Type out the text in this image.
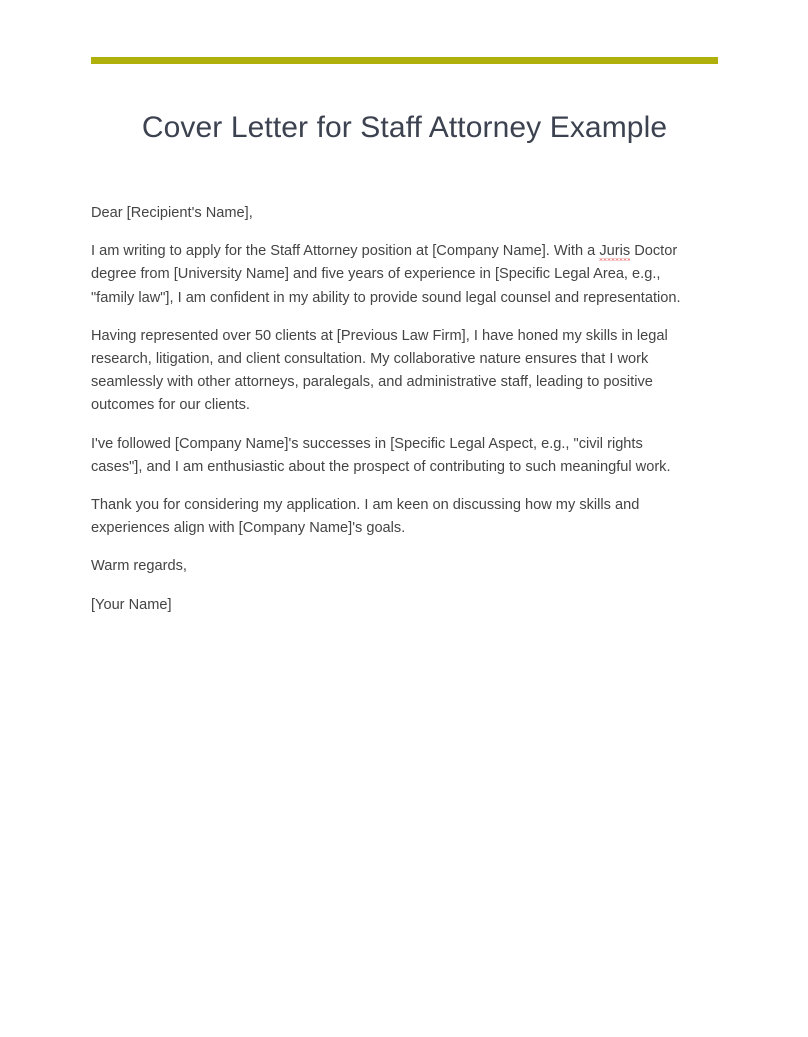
Cover Letter for Staff Attorney Example

Dear [Recipient's Name],

I am writing to apply for the Staff Attorney position at [Company Name]. With a Juris Doctor degree from [University Name] and five years of experience in [Specific Legal Area, e.g., "family law"], I am confident in my ability to provide sound legal counsel and representation.

Having represented over 50 clients at [Previous Law Firm], I have honed my skills in legal research, litigation, and client consultation. My collaborative nature ensures that I work seamlessly with other attorneys, paralegals, and administrative staff, leading to positive outcomes for our clients.

I've followed [Company Name]'s successes in [Specific Legal Aspect, e.g., "civil rights cases"], and I am enthusiastic about the prospect of contributing to such meaningful work.

Thank you for considering my application. I am keen on discussing how my skills and experiences align with [Company Name]'s goals.

Warm regards,

[Your Name]
